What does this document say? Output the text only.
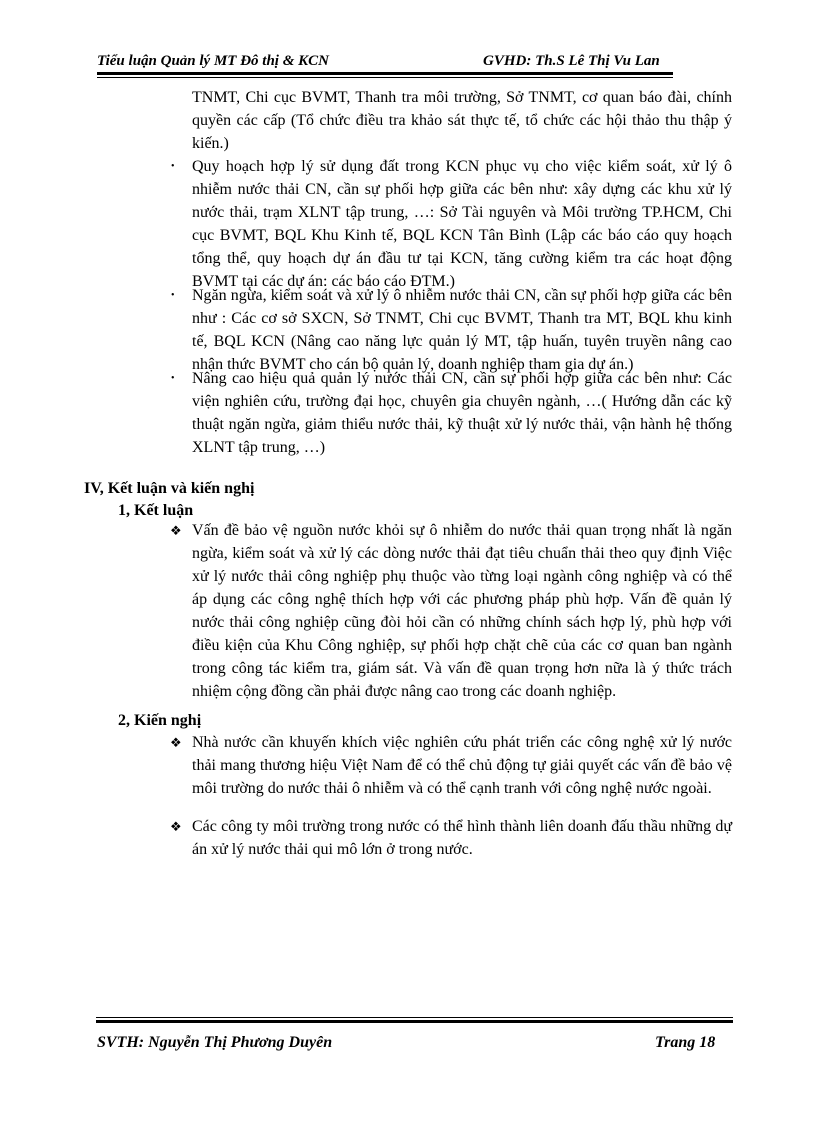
Tiểu luận Quản lý MT Đô thị & KCN	GVHD: Th.S Lê Thị Vu Lan
TNMT, Chi cục BVMT, Thanh tra môi trường, Sở TNMT, cơ quan báo đài, chính quyền các cấp (Tổ chức điều tra khảo sát thực tế, tổ chức các hội thảo thu thập ý kiến.)
• Quy hoạch hợp lý sử dụng đất trong KCN phục vụ cho việc kiểm soát, xử lý ô nhiễm nước thải CN, cần sự phối hợp giữa các bên như: xây dựng các khu xử lý nước thải, trạm XLNT tập trung, …: Sở Tài nguyên và Môi trường TP.HCM, Chi cục BVMT, BQL Khu Kinh tế, BQL KCN Tân Bình (Lập các báo cáo quy hoạch tổng thể, quy hoạch dự án đầu tư tại KCN, tăng cường kiểm tra các hoạt động BVMT tại các dự án: các báo cáo ĐTM.)
• Ngăn ngừa, kiểm soát và xử lý ô nhiễm nước thải CN, cần sự phối hợp giữa các bên như : Các cơ sở SXCN, Sở TNMT, Chi cục BVMT, Thanh tra MT, BQL khu kinh tế, BQL KCN (Nâng cao năng lực quản lý MT, tập huấn, tuyên truyền nâng cao nhận thức BVMT cho cán bộ quản lý, doanh nghiệp tham gia dự án.)
• Nâng cao hiệu quả quản lý nước thải CN, cần sự phối hợp giữa các bên như: Các viện nghiên cứu, trường đại học, chuyên gia chuyên ngành, …( Hướng dẫn các kỹ thuật ngăn ngừa, giảm thiểu nước thải, kỹ thuật xử lý nước thải, vận hành hệ thống XLNT tập trung, …)
IV, Kết luận và kiến nghị
1, Kết luận
❖ Vấn đề bảo vệ nguồn nước khỏi sự ô nhiễm do nước thải quan trọng nhất là ngăn ngừa, kiểm soát và xử lý các dòng nước thải đạt tiêu chuẩn thải theo quy định Việc xử lý nước thải công nghiệp phụ thuộc vào từng loại ngành công nghiệp và có thể áp dụng các công nghệ thích hợp với các phương pháp phù hợp. Vấn đề quản lý nước thải công nghiệp cũng đòi hỏi cần có những chính sách hợp lý, phù hợp với điều kiện của Khu Công nghiệp, sự phối hợp chặt chẽ của các cơ quan ban ngành trong công tác kiểm tra, giám sát. Và vấn đề quan trọng hơn nữa là ý thức trách nhiệm cộng đồng cần phải được nâng cao trong các doanh nghiệp.
2, Kiến nghị
❖ Nhà nước cần khuyến khích việc nghiên cứu phát triển các công nghệ xử lý nước thải mang thương hiệu Việt Nam để có thể chủ động tự giải quyết các vấn đề bảo vệ môi trường do nước thải ô nhiễm và có thể cạnh tranh với công nghệ nước ngoài.
❖ Các công ty môi trường trong nước có thể hình thành liên doanh đấu thầu những dự án xử lý nước thải qui mô lớn ở trong nước.
SVTH: Nguyễn Thị Phương Duyên	Trang 18
